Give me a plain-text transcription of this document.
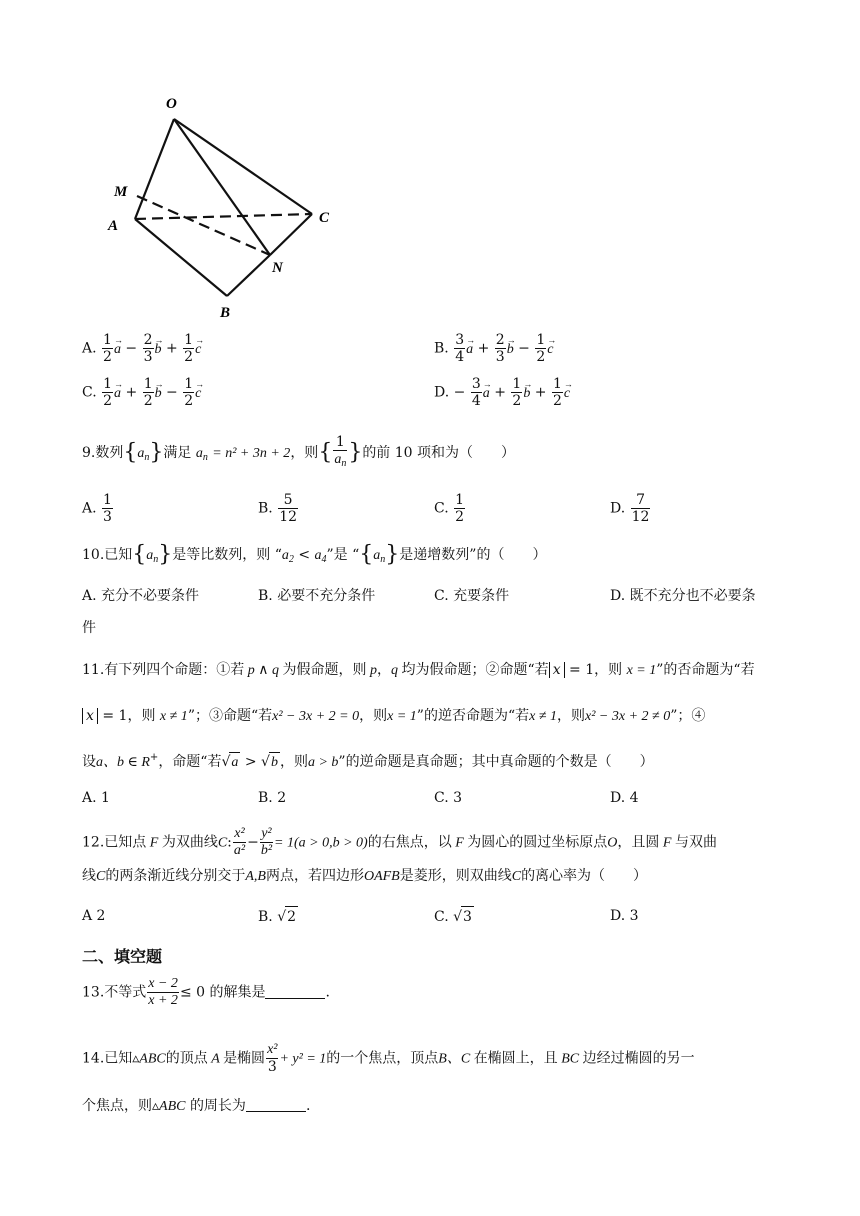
O
M
A	C
N
B
A. $\frac{1}{2}$
→ $a - \frac{2}{3}$
→ $b + \frac{1}{2}$
→ c	B. $\frac{3}{4}$
→ $a + \frac{2}{3}$
→ $b - \frac{1}{2}$
→ c
C. $\frac{1}{2}$
→ $a + \frac{1}{2}$
→ $b - \frac{1}{2}$
→ c	D. − $\frac{3}{4}$
→ $a + \frac{1}{2}$
→ $b + \frac{1}{2}$
→ c
9.数列$\{a_n\}$满足 $a_n = n^2 + 3n + 2$，则{ $\frac{1}{a_n}$ }的前 10 项和为（　　）
A. $\frac{1}{3}$	B. $\frac{5}{12}$	C. $\frac{1}{2}$	D. $\frac{7}{12}$
10.已知$\{a_n\}$是等比数列，则 “$a_2 < a_4$”是 “$\{a_n\}$是递增数列”的（　　）
A. 充分不必要条件	B. 必要不充分条件	C. 充要条件	D. 既不充分也不必要条
件
11.有下列四个命题：①若 p ∧ q 为假命题，则 p，q 均为假命题；②命题“若 x = 1，则 x = 1”的否命题为“若
x = 1，则 x ≠ 1”；③命题“若x² − 3x + 2 = 0，则x = 1”的逆否命题为“若x ≠ 1，则x² − 3x + 2 ≠ 0”；④
设a、b ∈ R+，命题“若√a > √b ，则a > b”的逆命题是真命题；其中真命题的个数是（　　）
A. 1	B. 2	C. 3	D. 4
12.已知点 F 为双曲线C: $\frac{\text{x²}}{\text{a²}} - \frac{\text{y²}}{\text{b²}} = 1(a > 0,b > 0)$的右焦点，以 F 为圆心的圆过坐标原点O，且圆 F 与双曲
线C的两条渐近线分别交于A,B两点，若四边形OAFB是菱形，则双曲线C的离心率为（　　）
A 2	B. √2	C. √3	D. 3
二、填空题
13.不等式 $\frac{x - 2}{x + 2} \le 0$ 的解集是	.
14.已知▵ABC的顶点 A 是椭圆 $\frac{\text{x²}}{3} + y^2 = 1$的一个焦点，顶点B、C 在椭圆上，且 BC 边经过椭圆的另一
个焦点，则▵ABC 的周长为	.
